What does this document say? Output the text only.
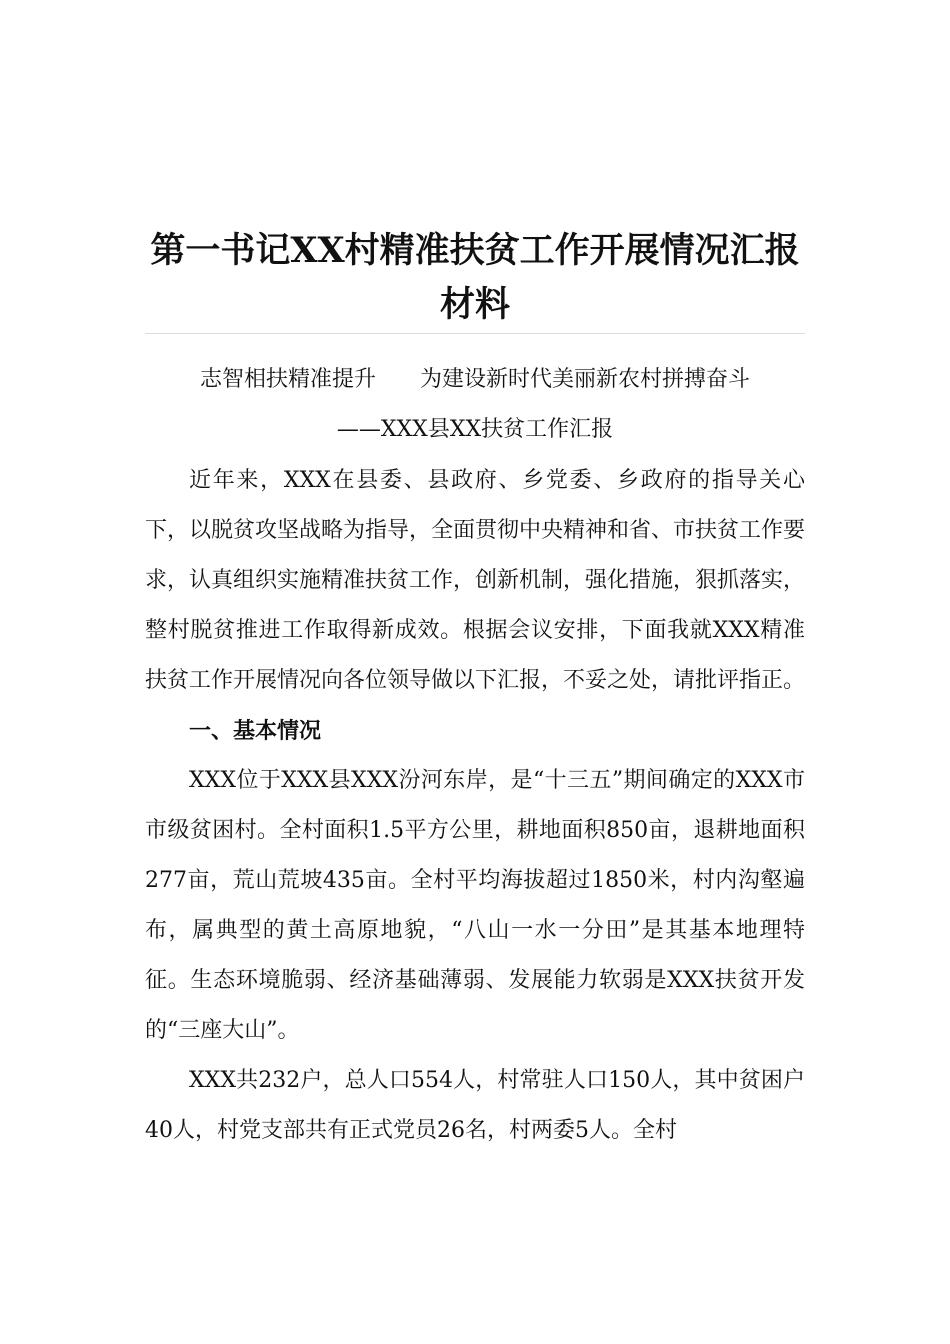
第一书记XX村精准扶贫工作开展情况汇报材料
志智相扶精准提升　　为建设新时代美丽新农村拼搏奋斗
——XXX县XX扶贫工作汇报

近年来，XXX在县委、县政府、乡党委、乡政府的指导关心下，以脱贫攻坚战略为指导，全面贯彻中央精神和省、市扶贫工作要求，认真组织实施精准扶贫工作，创新机制，强化措施，狠抓落实，整村脱贫推进工作取得新成效。根据会议安排，下面我就XXX精准扶贫工作开展情况向各位领导做以下汇报，不妥之处，请批评指正。

一、基本情况

XXX位于XXX县XXX汾河东岸，是“十三五”期间确定的XXX市市级贫困村。全村面积1.5平方公里，耕地面积850亩，退耕地面积277亩，荒山荒坡435亩。全村平均海拔超过1850米，村内沟壑遍布，属典型的黄土高原地貌，“八山一水一分田”是其基本地理特征。生态环境脆弱、经济基础薄弱、发展能力软弱是XXX扶贫开发的“三座大山”。

XXX共232户，总人口554人，村常驻人口150人，其中贫困户40人，村党支部共有正式党员26名，村两委5人。全村
